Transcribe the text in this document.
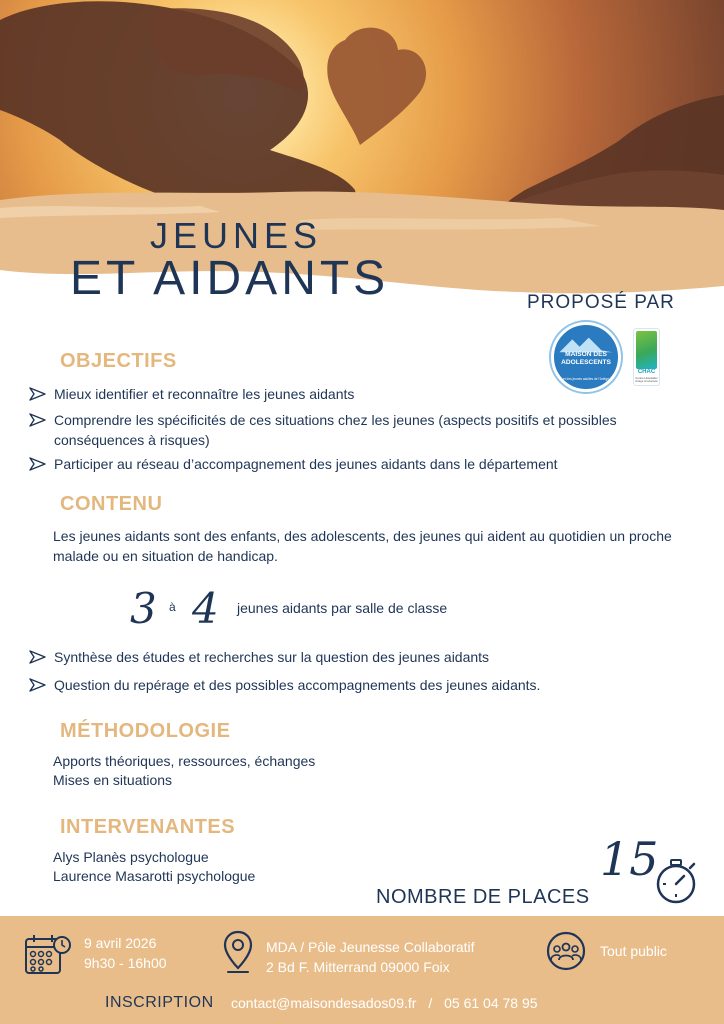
JEUNES
ET AIDANTS	PROPOSÉ PAR
MAISON DES ADOLESCENTS
et des jeunes adultes de l'Ariège
CHAC
Centre Hospitalier Ariège Couserans
OBJECTIFS
Mieux identifier et reconnaître les jeunes aidants
Comprendre les spécificités de ces situations chez les jeunes (aspects positifs et possibles conséquences à risques)
Participer au réseau d’accompagnement des jeunes aidants dans le département
CONTENU
Les jeunes aidants sont des enfants, des adolescents, des jeunes qui aident au quotidien un proche malade ou en situation de handicap.
3 à 4 jeunes aidants par salle de classe
Synthèse des études et recherches sur la question des jeunes aidants
Question du repérage et des possibles accompagnements des jeunes aidants.
MÉTHODOLOGIE
Apports théoriques, ressources, échanges
Mises en situations
INTERVENANTES
Alys Planès psychologue
Laurence Masarotti psychologue	15
NOMBRE DE PLACES
9 avril 2026
9h30 - 16h00
MDA / Pôle Jeunesse Collaboratif
2 Bd F. Mitterrand 09000 Foix
Tout public
INSCRIPTION contact@maisondesados09.fr / 05 61 04 78 95
